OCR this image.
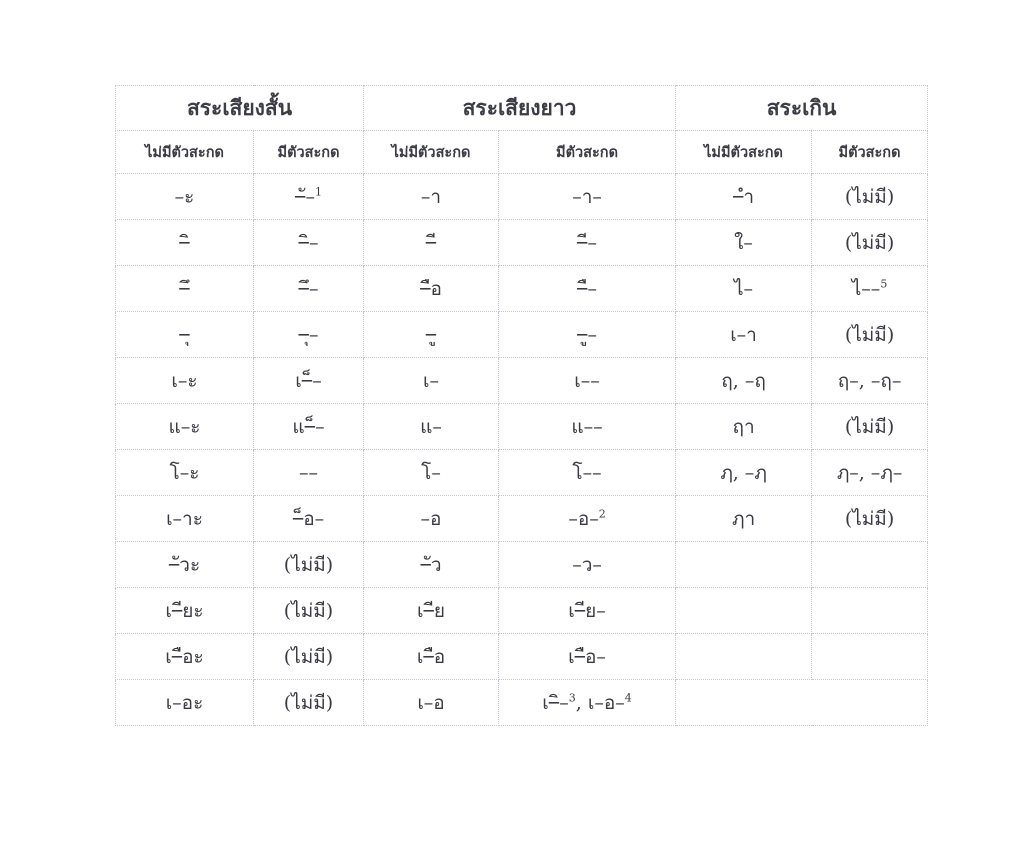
สระเสียงสั้น		สระเสียงยาว		สระเกิน	
ไม่มีตัวสะกด	มีตัวสะกด	ไม่มีตัวสะกด	มีตัวสะกด	ไม่มีตัวสะกด	มีตัวสะกด
–ะ	–ั–$^1$	–า	–า–	–ำ	(ไม่มี)
–ิ	–ิ–	–ี	–ี–	ใ–	(ไม่มี)
–ึ	–ึ–	–ือ	–ื–	ไ–	ไ––$^5$
–ุ	–ุ–	–ู	–ู–	เ–า	(ไม่มี)
เ–ะ	เ–็–	เ–	เ––	ฤ, –ฤ	ฤ–, –ฤ–
แ–ะ	แ–็–	แ–	แ––	ฤา	(ไม่มี)
โ–ะ	––	โ–	โ––	ฦ, –ฦ	ฦ–, –ฦ–
เ–าะ	–็อ–	–อ	–อ–$^2$	ฦา	(ไม่มี)
–ัวะ	(ไม่มี)	–ัว	–ว–		
เ–ียะ	(ไม่มี)	เ–ีย	เ–ีย–		
เ–ือะ	(ไม่มี)	เ–ือ	เ–ือ–		
เ–อะ	(ไม่มี)	เ–อ	เ–ิ–$^3$, เ–อ–$^4$	
